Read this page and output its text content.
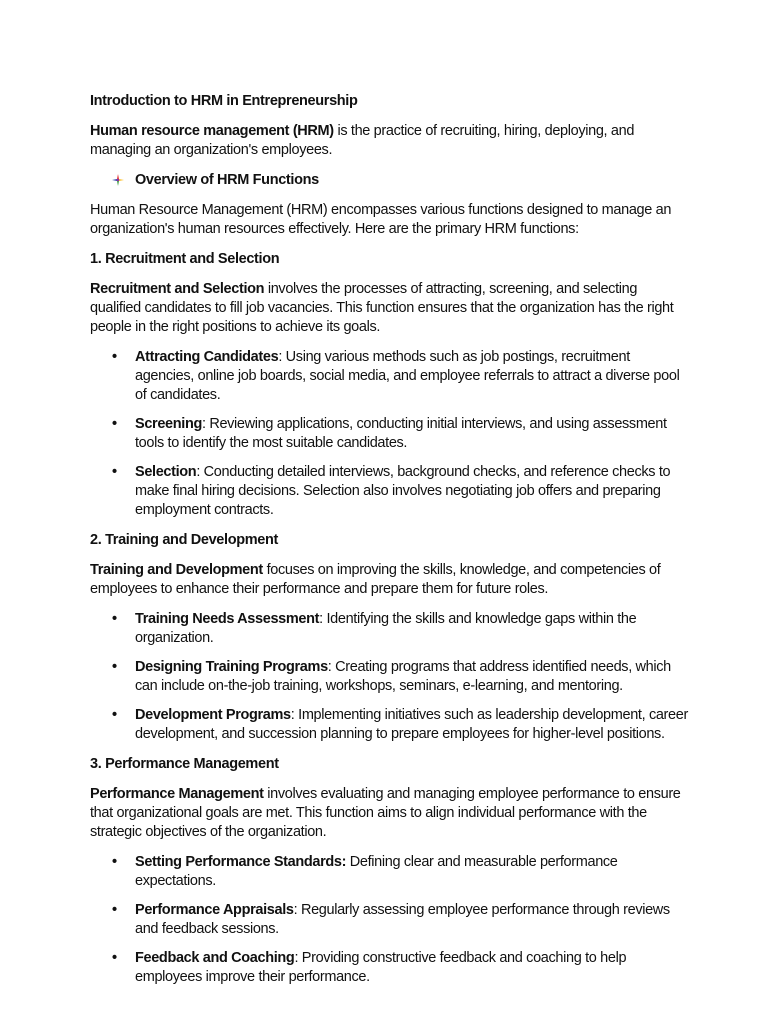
Introduction to HRM in Entrepreneurship

Human resource management (HRM) is the practice of recruiting, hiring, deploying, and managing an organization's employees.

Overview of HRM Functions

Human Resource Management (HRM) encompasses various functions designed to manage an organization's human resources effectively. Here are the primary HRM functions:

1. Recruitment and Selection

Recruitment and Selection involves the processes of attracting, screening, and selecting qualified candidates to fill job vacancies. This function ensures that the organization has the right people in the right positions to achieve its goals.

• Attracting Candidates: Using various methods such as job postings, recruitment agencies, online job boards, social media, and employee referrals to attract a diverse pool of candidates.
• Screening: Reviewing applications, conducting initial interviews, and using assessment tools to identify the most suitable candidates.
• Selection: Conducting detailed interviews, background checks, and reference checks to make final hiring decisions. Selection also involves negotiating job offers and preparing employment contracts.
2. Training and Development

Training and Development focuses on improving the skills, knowledge, and competencies of employees to enhance their performance and prepare them for future roles.

• Training Needs Assessment: Identifying the skills and knowledge gaps within the organization.
• Designing Training Programs: Creating programs that address identified needs, which can include on-the-job training, workshops, seminars, e-learning, and mentoring.
• Development Programs: Implementing initiatives such as leadership development, career development, and succession planning to prepare employees for higher-level positions.
3. Performance Management

Performance Management involves evaluating and managing employee performance to ensure that organizational goals are met. This function aims to align individual performance with the strategic objectives of the organization.

• Setting Performance Standards: Defining clear and measurable performance expectations.
• Performance Appraisals: Regularly assessing employee performance through reviews and feedback sessions.
• Feedback and Coaching: Providing constructive feedback and coaching to help employees improve their performance.
